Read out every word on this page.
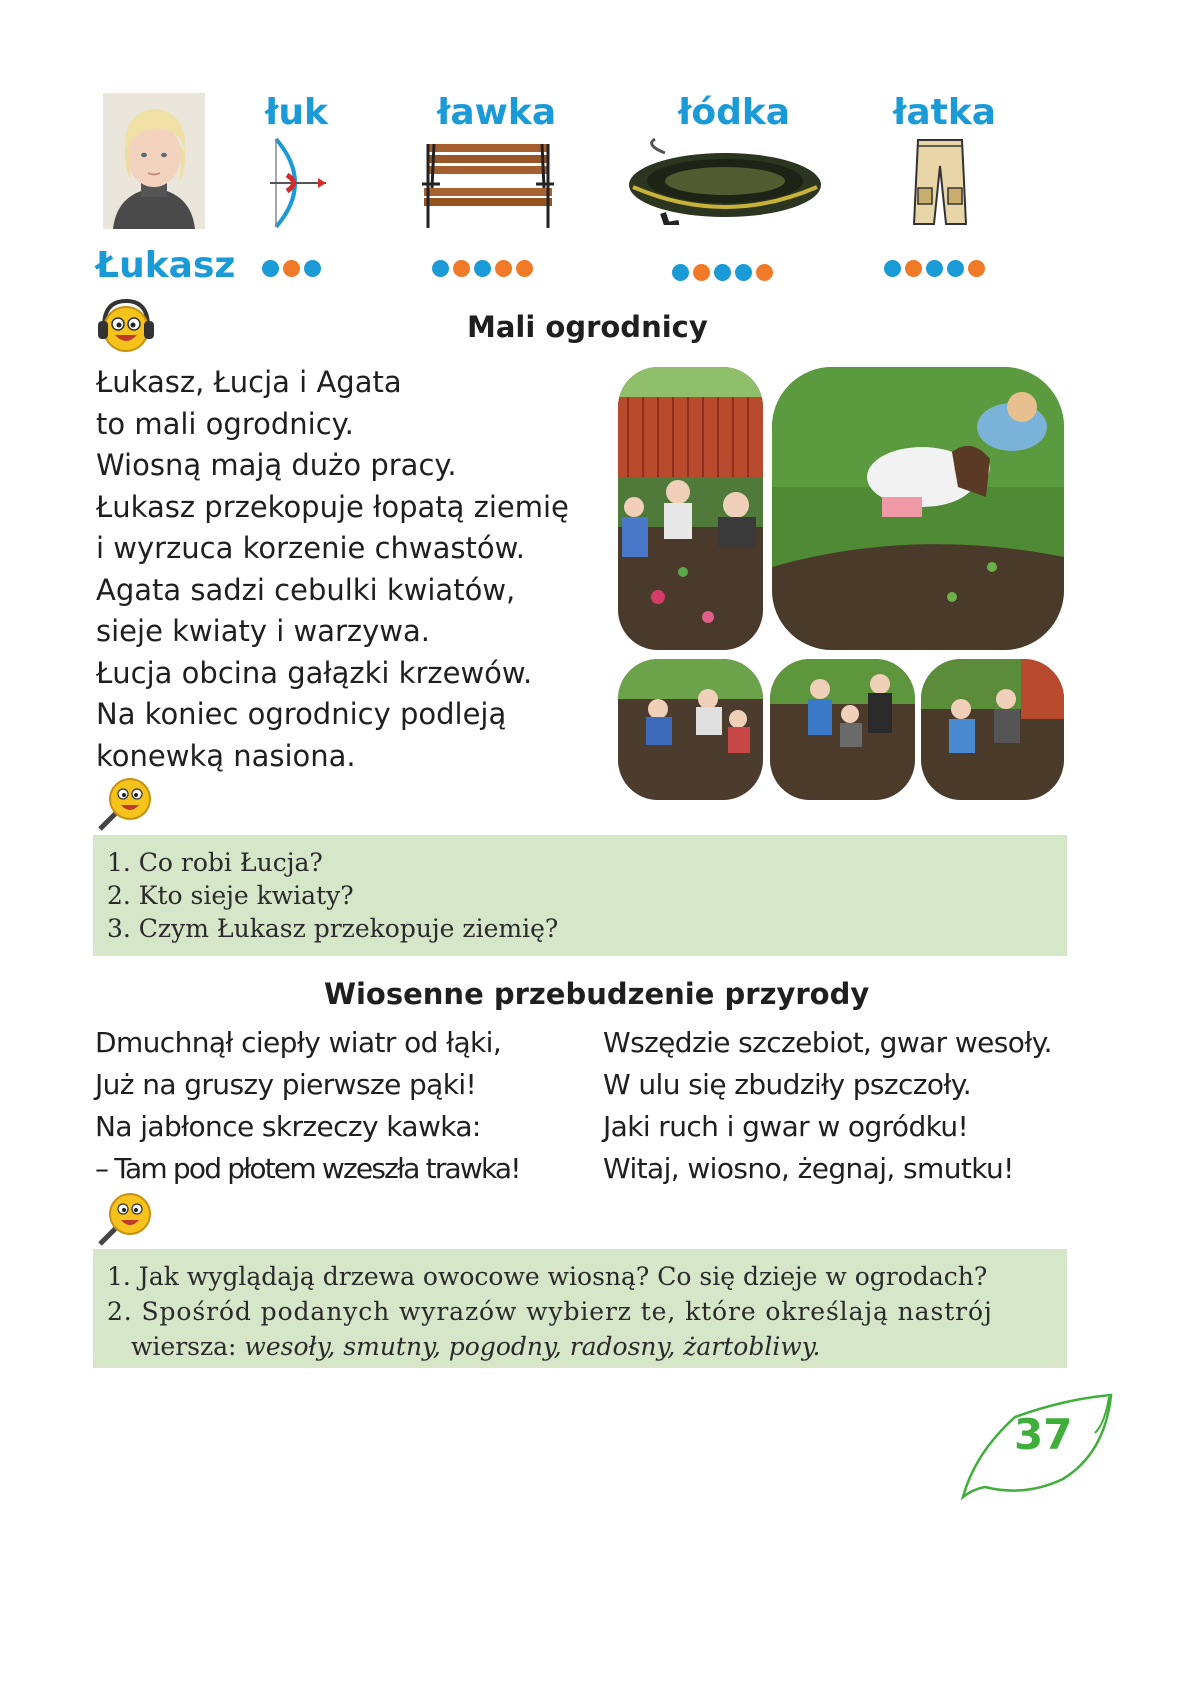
Łukasz
łuk	ławka	łódka	łatka
Mali ogrodnicy
Łukasz, Łucja i Agata
to mali ogrodnicy.
Wiosną mają dużo pracy.
Łukasz przekopuje łopatą ziemię
i wyrzuca korzenie chwastów.
Agata sadzi cebulki kwiatów,
sieje kwiaty i warzywa.
Łucja obcina gałązki krzewów.
Na koniec ogrodnicy podleją
konewką nasiona.
1. Co robi Łucja?
2. Kto sieje kwiaty?
3. Czym Łukasz przekopuje ziemię?
Wiosenne przebudzenie przyrody
Dmuchnął ciepły wiatr od łąki,
Już na gruszy pierwsze pąki!
Na jabłonce skrzeczy kawka:
– Tam pod płotem wzeszła trawka!
Wszędzie szczebiot, gwar wesoły.
W ulu się zbudziły pszczoły.
Jaki ruch i gwar w ogródku!
Witaj, wiosno, żegnaj, smutku!
1. Jak wyglądają drzewa owocowe wiosną? Co się dzieje w ogrodach?
2. Spośród podanych wyrazów wybierz te, które określają nastrój
wiersza: wesoły, smutny, pogodny, radosny, żartobliwy.
37
